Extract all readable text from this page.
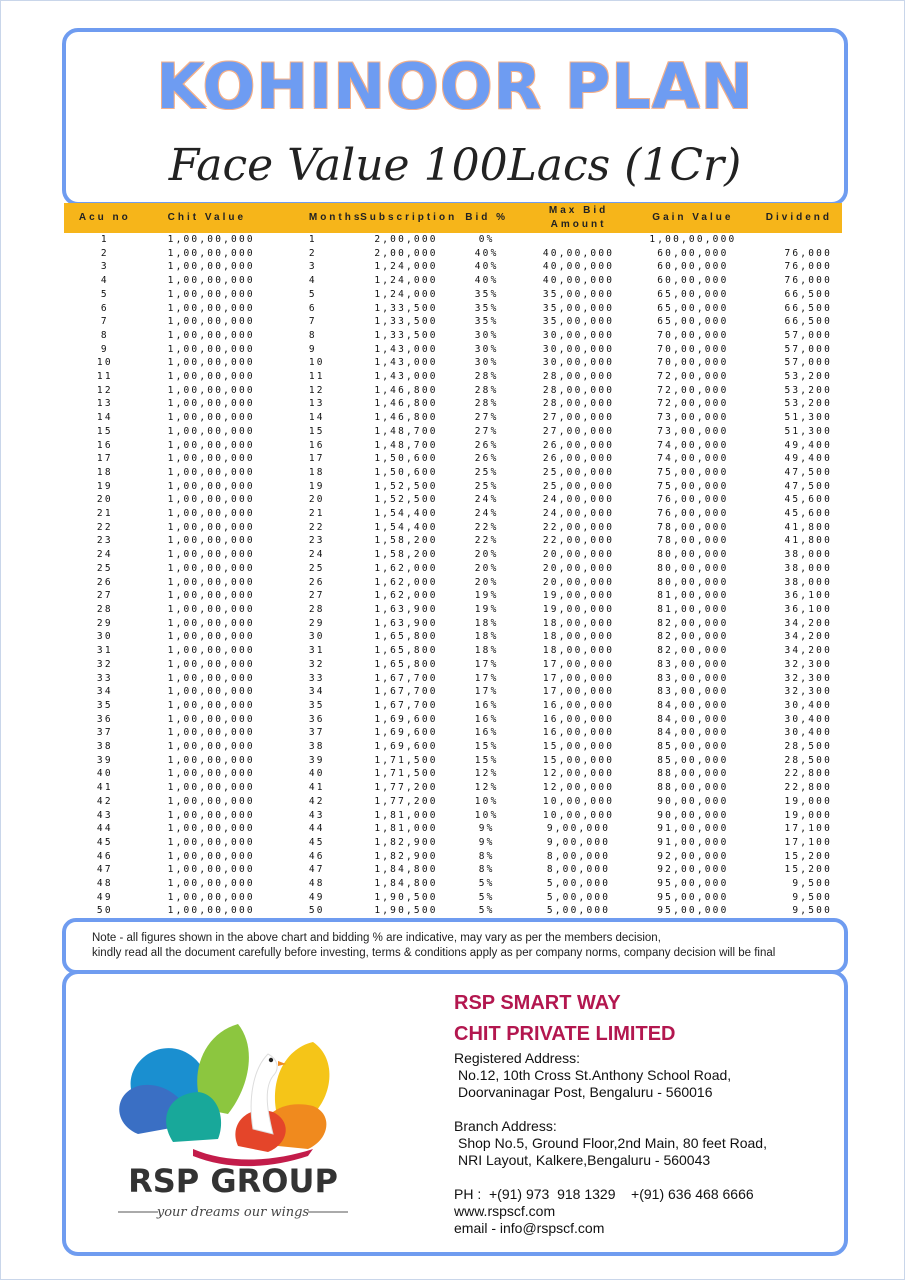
KOHINOOR PLAN
Face Value 100Lacs (1Cr)
Acu no	Chit Value	Months	Subscription	Bid %	Max Bid
Amount	Gain Value	Dividend
1	1,00,00,000	1	2,00,000	0%		1,00,00,000	
2	1,00,00,000	2	2,00,000	40%	40,00,000	60,00,000	76,000
3	1,00,00,000	3	1,24,000	40%	40,00,000	60,00,000	76,000
4	1,00,00,000	4	1,24,000	40%	40,00,000	60,00,000	76,000
5	1,00,00,000	5	1,24,000	35%	35,00,000	65,00,000	66,500
6	1,00,00,000	6	1,33,500	35%	35,00,000	65,00,000	66,500
7	1,00,00,000	7	1,33,500	35%	35,00,000	65,00,000	66,500
8	1,00,00,000	8	1,33,500	30%	30,00,000	70,00,000	57,000
9	1,00,00,000	9	1,43,000	30%	30,00,000	70,00,000	57,000
10	1,00,00,000	10	1,43,000	30%	30,00,000	70,00,000	57,000
11	1,00,00,000	11	1,43,000	28%	28,00,000	72,00,000	53,200
12	1,00,00,000	12	1,46,800	28%	28,00,000	72,00,000	53,200
13	1,00,00,000	13	1,46,800	28%	28,00,000	72,00,000	53,200
14	1,00,00,000	14	1,46,800	27%	27,00,000	73,00,000	51,300
15	1,00,00,000	15	1,48,700	27%	27,00,000	73,00,000	51,300
16	1,00,00,000	16	1,48,700	26%	26,00,000	74,00,000	49,400
17	1,00,00,000	17	1,50,600	26%	26,00,000	74,00,000	49,400
18	1,00,00,000	18	1,50,600	25%	25,00,000	75,00,000	47,500
19	1,00,00,000	19	1,52,500	25%	25,00,000	75,00,000	47,500
20	1,00,00,000	20	1,52,500	24%	24,00,000	76,00,000	45,600
21	1,00,00,000	21	1,54,400	24%	24,00,000	76,00,000	45,600
22	1,00,00,000	22	1,54,400	22%	22,00,000	78,00,000	41,800
23	1,00,00,000	23	1,58,200	22%	22,00,000	78,00,000	41,800
24	1,00,00,000	24	1,58,200	20%	20,00,000	80,00,000	38,000
25	1,00,00,000	25	1,62,000	20%	20,00,000	80,00,000	38,000
26	1,00,00,000	26	1,62,000	20%	20,00,000	80,00,000	38,000
27	1,00,00,000	27	1,62,000	19%	19,00,000	81,00,000	36,100
28	1,00,00,000	28	1,63,900	19%	19,00,000	81,00,000	36,100
29	1,00,00,000	29	1,63,900	18%	18,00,000	82,00,000	34,200
30	1,00,00,000	30	1,65,800	18%	18,00,000	82,00,000	34,200
31	1,00,00,000	31	1,65,800	18%	18,00,000	82,00,000	34,200
32	1,00,00,000	32	1,65,800	17%	17,00,000	83,00,000	32,300
33	1,00,00,000	33	1,67,700	17%	17,00,000	83,00,000	32,300
34	1,00,00,000	34	1,67,700	17%	17,00,000	83,00,000	32,300
35	1,00,00,000	35	1,67,700	16%	16,00,000	84,00,000	30,400
36	1,00,00,000	36	1,69,600	16%	16,00,000	84,00,000	30,400
37	1,00,00,000	37	1,69,600	16%	16,00,000	84,00,000	30,400
38	1,00,00,000	38	1,69,600	15%	15,00,000	85,00,000	28,500
39	1,00,00,000	39	1,71,500	15%	15,00,000	85,00,000	28,500
40	1,00,00,000	40	1,71,500	12%	12,00,000	88,00,000	22,800
41	1,00,00,000	41	1,77,200	12%	12,00,000	88,00,000	22,800
42	1,00,00,000	42	1,77,200	10%	10,00,000	90,00,000	19,000
43	1,00,00,000	43	1,81,000	10%	10,00,000	90,00,000	19,000
44	1,00,00,000	44	1,81,000	9%	9,00,000	91,00,000	17,100
45	1,00,00,000	45	1,82,900	9%	9,00,000	91,00,000	17,100
46	1,00,00,000	46	1,82,900	8%	8,00,000	92,00,000	15,200
47	1,00,00,000	47	1,84,800	8%	8,00,000	92,00,000	15,200
48	1,00,00,000	48	1,84,800	5%	5,00,000	95,00,000	9,500
49	1,00,00,000	49	1,90,500	5%	5,00,000	95,00,000	9,500
50	1,00,00,000	50	1,90,500	5%	5,00,000	95,00,000	9,500
Note - all figures shown in the above chart and bidding % are indicative, may vary as per the members decision,
kindly read all the document carefully before investing, terms & conditions apply as per company norms, company decision will be final
RSP GROUP
your dreams our wings
RSP SMART WAY
CHIT PRIVATE LIMITED

Registered Address:

No.12, 10th Cross St.Anthony School Road,

Doorvaninagar Post, Bengaluru - 560016

Branch Address:

Shop No.5, Ground Floor,2nd Main, 80 feet Road,

NRI Layout, Kalkere,Bengaluru - 560043

PH :  +(91) 973  918 1329    +(91) 636 468 6666

www.rspscf.com

email - info@rspscf.com
